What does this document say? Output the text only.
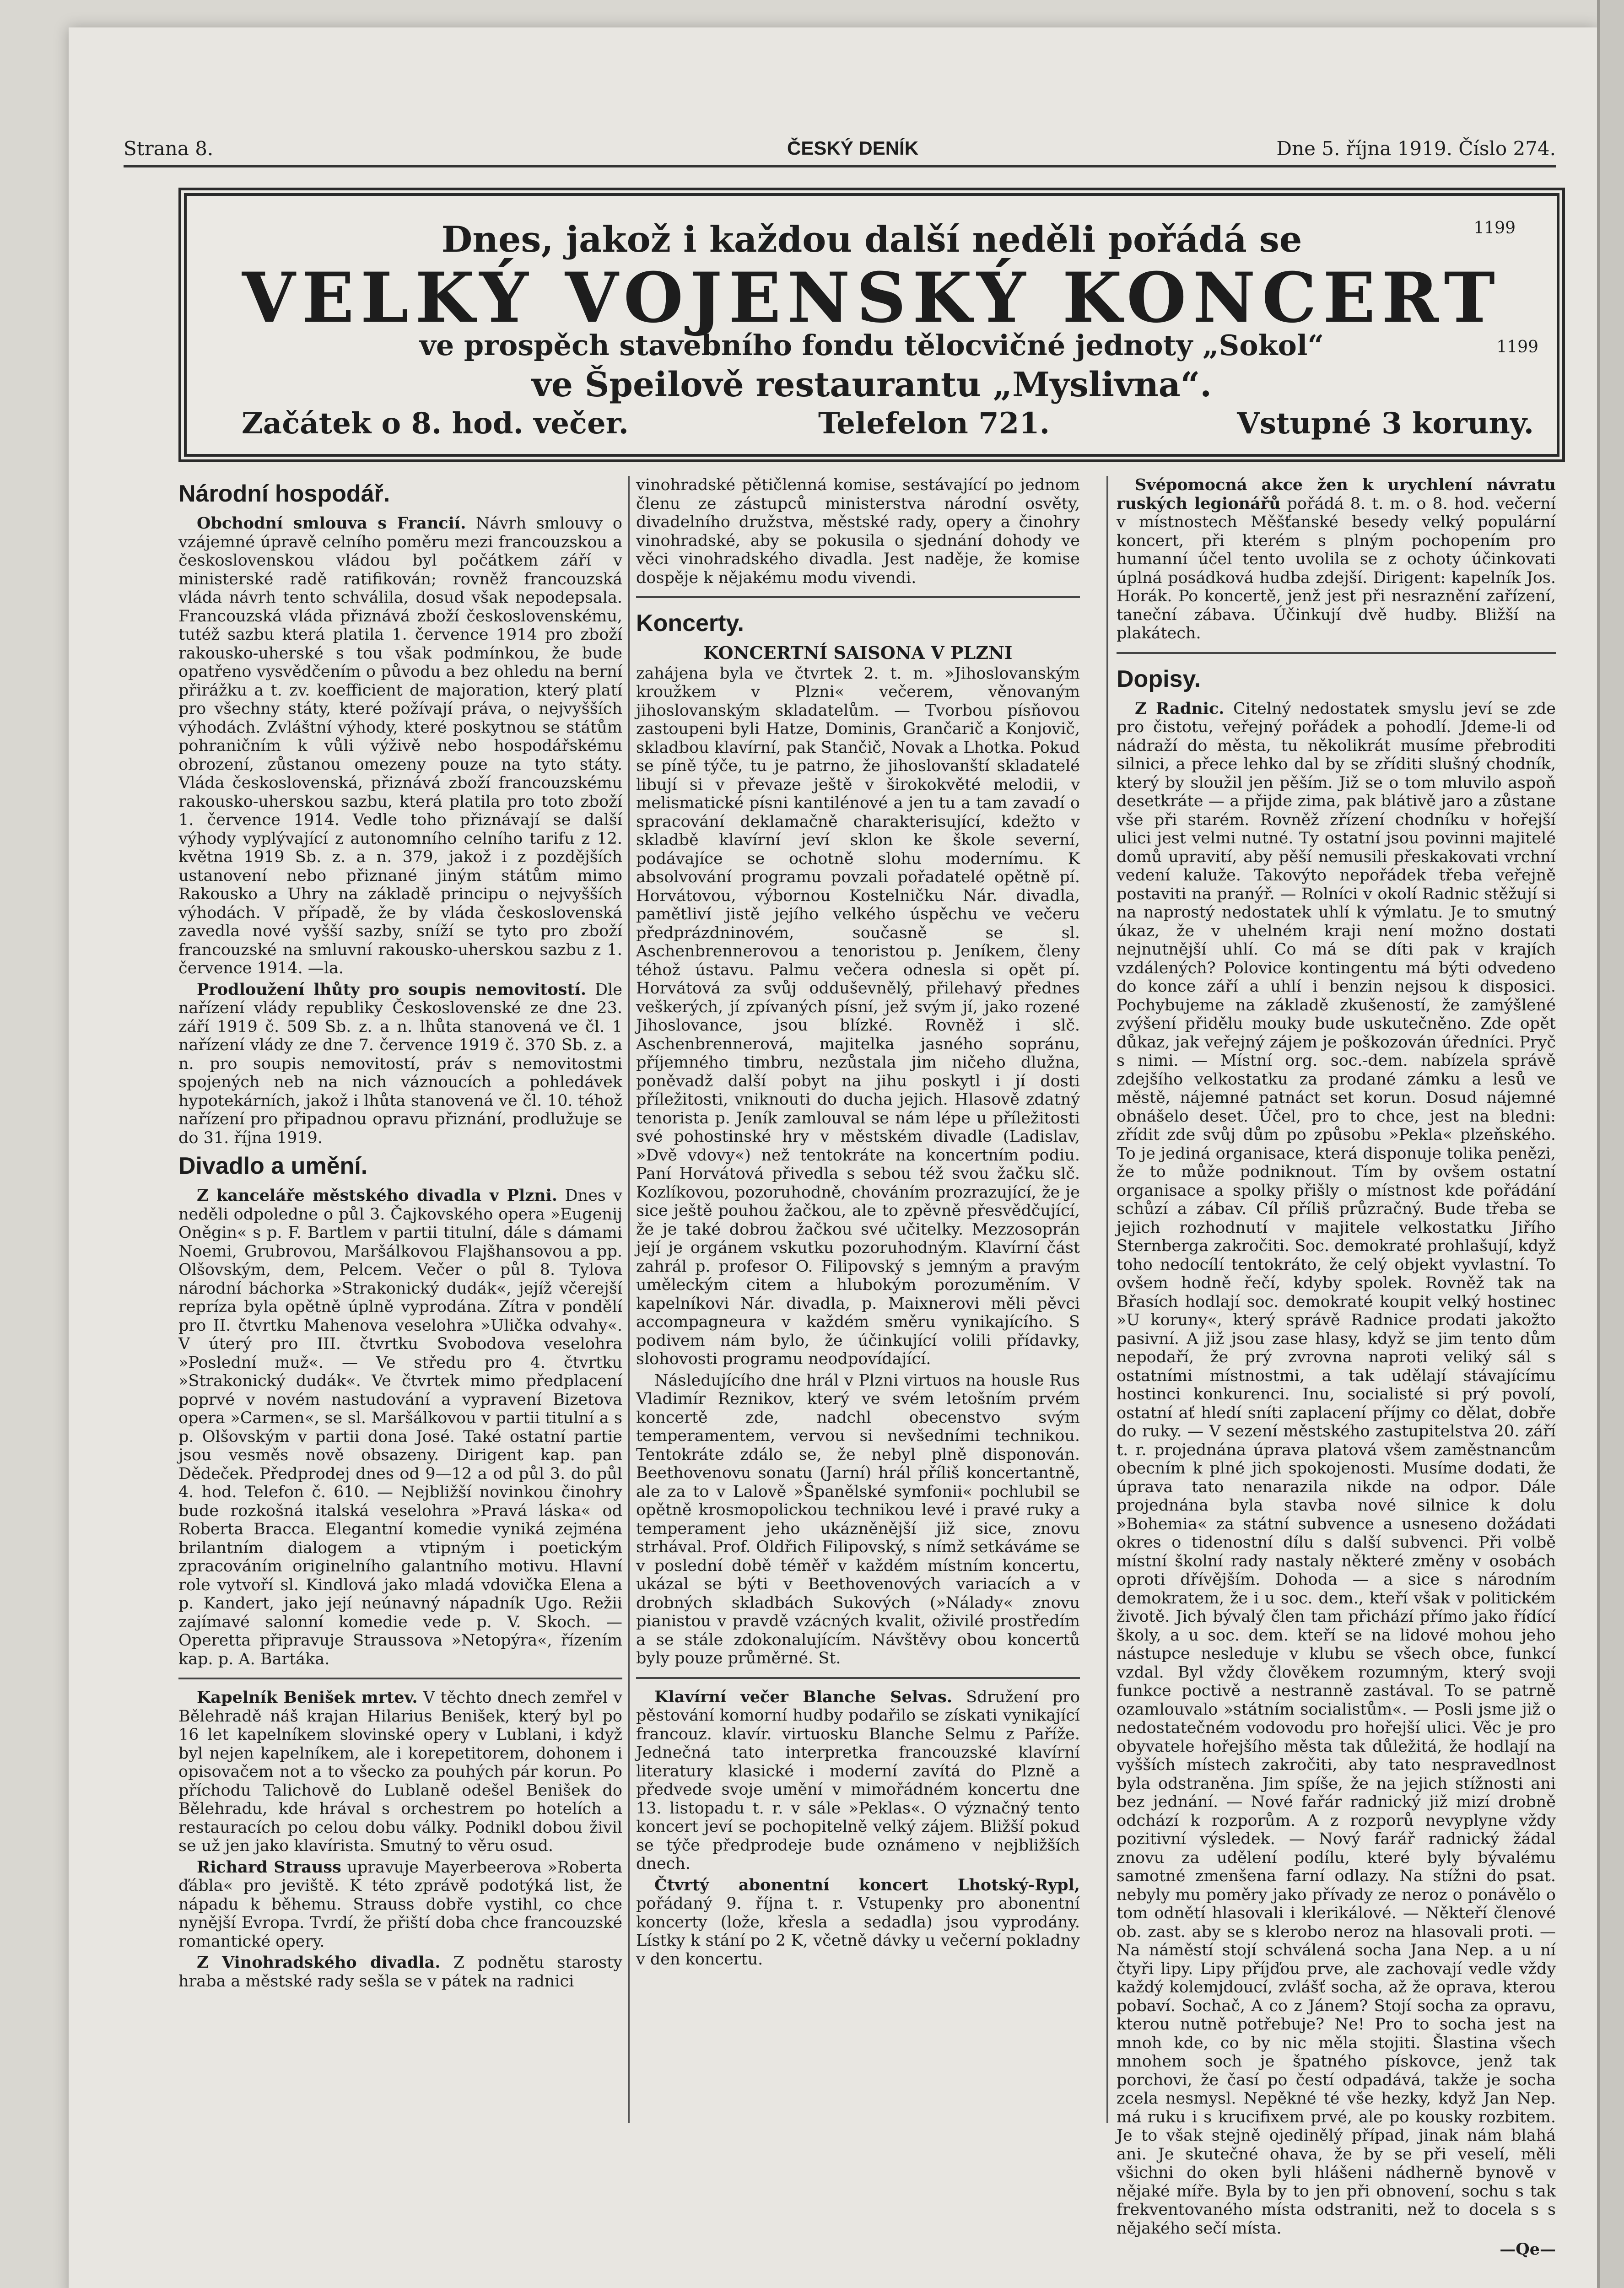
Strana 8.	ČESKÝ DENÍK	Dne 5. října 1919. Číslo 274.
Dnes, jakož i každou další neděli pořádá se
VELKÝ VOJENSKÝ KONCERT
ve prospěch stavebního fondu tělocvičné jednoty „Sokol“
ve Špeilově restaurantu „Myslivna“.
Začátek o 8. hod. večer.	Telefelon 721.	Vstupné 3 koruny.
1199
1199
Národní hospodář.

Obchodní smlouva s Francií. Návrh smlouvy o vzájemné úpravě celního poměru mezi francouzskou a československou vládou byl počátkem září v ministerské radě ratifikován; rovněž francouzská vláda návrh tento schválila, dosud však nepodepsala. Francouzská vláda přiznává zboží československému, tutéž sazbu která platila 1. července 1914 pro zboží rakousko-uherské s tou však podmínkou, že bude opatřeno vysvědčením o původu a bez ohledu na berní přirážku a t. zv. koefficient de majoration, který platí pro všechny státy, které požívají práva, o nejvyšších výhodách. Zvláštní výhody, které poskytnou se státům pohraničním k vůli výživě nebo hospodářskému obrození, zůstanou omezeny pouze na tyto státy. Vláda československá, přiznává zboží francouzskému rakousko-uherskou sazbu, která platila pro toto zboží 1. července 1914. Vedle toho přiznávají se další výhody vyplývající z autonomního celního tarifu z 12. května 1919 Sb. z. a n. 379, jakož i z pozdějších ustanovení nebo přiznané jiným státům mimo Rakousko a Uhry na základě principu o nejvyšších výhodách. V případě, že by vláda československá zavedla nové vyšší sazby, sníží se tyto pro zboží francouzské na smluvní rakousko-uherskou sazbu z 1. července 1914. —la.

Prodloužení lhůty pro soupis nemovitostí. Dle nařízení vlády republiky Československé ze dne 23. září 1919 č. 509 Sb. z. a n. lhůta stanovená ve čl. 1 nařízení vlády ze dne 7. července 1919 č. 370 Sb. z. a n. pro soupis nemovitostí, práv s nemovitostmi spojených neb na nich váznoucích a pohledávek hypotekárních, jakož i lhůta stanovená ve čl. 10. téhož nařízení pro připadnou opravu přiznání, prodlužuje se do 31. října 1919.

Divadlo a umění.

Z kanceláře městského divadla v Plzni. Dnes v neděli odpoledne o půl 3. Čajkovského opera »Eugenij Oněgin« s p. F. Bartlem v partii titulní, dále s dámami Noemi, Grubrovou, Maršálkovou Flajšhansovou a pp. Olšovským, dem, Pelcem. Večer o půl 8. Tylova národní báchorka »Strakonický dudák«, jejíž včerejší repríza byla opětně úplně vyprodána. Zítra v pondělí pro II. čtvrtku Mahenova veselohra »Ulička odvahy«. V úterý pro III. čtvrtku Svobodova veselohra »Poslední muž«. — Ve středu pro 4. čtvrtku »Strakonický dudák«. Ve čtvrtek mimo předplacení poprvé v novém nastudování a vypravení Bizetova opera »Carmen«, se sl. Maršálkovou v partii titulní a s p. Olšovským v partii dona José. Také ostatní partie jsou vesměs nově obsazeny. Dirigent kap. pan Dědeček. Předprodej dnes od 9—12 a od půl 3. do půl 4. hod. Telefon č. 610. — Nejbližší novinkou činohry bude rozkošná italská veselohra »Pravá láska« od Roberta Bracca. Elegantní komedie vyniká zejména brilantním dialogem a vtipným i poetickým zpracováním originelního galantního motivu. Hlavní role vytvoří sl. Kindlová jako mladá vdovička Elena a p. Kandert, jako její neúnavný nápadník Ugo. Režii zajímavé salonní komedie vede p. V. Skoch. — Operetta připravuje Straussova »Netopýra«, řízením kap. p. A. Bartáka.

Kapelník Benišek mrtev. V těchto dnech zemřel v Bělehradě náš krajan Hilarius Benišek, který byl po 16 let kapelníkem slovinské opery v Lublani, i když byl nejen kapelníkem, ale i korepetitorem, dohonem i opisovačem not a to všecko za pouhých pár korun. Po příchodu Talichově do Lublaně odešel Benišek do Bělehradu, kde hrával s orchestrem po hotelích a restauracích po celou dobu války. Podnikl dobou živil se už jen jako klavírista. Smutný to věru osud.

Richard Strauss upravuje Mayerbeerova »Roberta ďábla« pro jeviště. K této zprávě podotýká list, že nápadu k běhemu. Strauss dobře vystihl, co chce nynější Evropa. Tvrdí, že přiští doba chce francouzské romantické opery.

Z Vinohradského divadla. Z podnětu starosty hraba a městské rady sešla se v pátek na radnici

vinohradské pětičlenná komise, sestávající po jednom členu ze zástupců ministerstva národní osvěty, divadelního družstva, městské rady, opery a činohry vinohradské, aby se pokusila o sjednání dohody ve věci vinohradského divadla. Jest naděje, že komise dospěje k nějakému modu vivendi.

Koncerty.
KONCERTNÍ SAISONA V PLZNI

zahájena byla ve čtvrtek 2. t. m. »Jihoslovanským kroužkem v Plzni« večerem, věnovaným jihoslovanským skladatelům. — Tvorbou písňovou zastoupeni byli Hatze, Dominis, Grančarič a Konjovič, skladbou klavírní, pak Stančič, Novak a Lhotka. Pokud se píně týče, tu je patrno, že jihoslovanští skladatelé libují si v převaze ještě v širokokvěté melodii, v melismatické písni kantilénové a jen tu a tam zavadí o spracování deklamačně charakterisující, kdežto v skladbě klavírní jeví sklon ke škole severní, podávajíce se ochotně slohu modernímu. K absolvování programu povzali pořadatelé opětně pí. Horvátovou, výbornou Kostelničku Nár. divadla, pamětliví jistě jejího velkého úspěchu ve večeru předprázdninovém, současně se sl. Aschenbrennerovou a tenoristou p. Jeníkem, členy téhož ústavu. Palmu večera odnesla si opět pí. Horvátová za svůj odduševnělý, přilehavý přednes veškerých, jí zpívaných písní, jež svým jí, jako rozené Jihoslovance, jsou blízké. Rovněž i slč. Aschenbrennerová, majitelka jasného sopránu, příjemného timbru, nezůstala jim ničeho dlužna, poněvadž další pobyt na jihu poskytl i jí dosti příležitosti, vniknouti do ducha jejich. Hlasově zdatný tenorista p. Jeník zamlouval se nám lépe u příležitosti své pohostinské hry v městském divadle (Ladislav, »Dvě vdovy«) než tentokráte na koncertním podiu. Paní Horvátová přivedla s sebou též svou žačku slč. Kozlíkovou, pozoruhodně, chováním prozrazující, že je sice ještě pouhou žačkou, ale to zpěvně přesvědčující, že je také dobrou žačkou své učitelky. Mezzosoprán její je orgánem vskutku pozoruhodným. Klavírní část zahrál p. profesor O. Filipovský s jemným a pravým uměleckým citem a hlubokým porozuměním. V kapelníkovi Nár. divadla, p. Maixnerovi měli pěvci accompagneura v každém směru vynikajícího. S podivem nám bylo, že účinkující volili přídavky, slohovosti programu neodpovídající.

Následujícího dne hrál v Plzni virtuos na housle Rus Vladimír Reznikov, který ve svém letošním prvém koncertě zde, nadchl obecenstvo svým temperamentem, vervou si nevšedními technikou. Tentokráte zdálo se, že nebyl plně disponován. Beethovenovu sonatu (Jarní) hrál příliš koncertantně, ale za to v Lalově »Španělské symfonii« pochlubil se opětně krosmopolickou technikou levé i pravé ruky a temperament jeho ukázněnější již sice, znovu strhával. Prof. Oldřich Filipovský, s nímž setkáváme se v poslední době téměř v každém místním koncertu, ukázal se býti v Beethovenových variacích a v drobných skladbách Sukových (»Nálady« znovu pianistou v pravdě vzácných kvalit, oživilé prostředím a se stále zdokonalujícím. Návštěvy obou koncertů byly pouze průměrné. St.

Klavírní večer Blanche Selvas. Sdružení pro pěstování komorní hudby podařilo se získati vynikající francouz. klavír. virtuosku Blanche Selmu z Paříže. Jednečná tato interpretka francouzské klavírní literatury klasické i moderní zavítá do Plzně a předvede svoje umění v mimořádném koncertu dne 13. listopadu t. r. v sále »Peklas«. O význačný tento koncert jeví se pochopitelně velký zájem. Bližší pokud se týče předprodeje bude oznámeno v nejbližších dnech.

Čtvrtý abonentní koncert Lhotský-Rypl, pořádaný 9. října t. r. Vstupenky pro abonentní koncerty (lože, křesla a sedadla) jsou vyprodány. Lístky k stání po 2 K, včetně dávky u večerní pokladny v den koncertu.

Svépomocná akce žen k urychlení návratu ruských legionářů pořádá 8. t. m. o 8. hod. večerní v místnostech Měšťanské besedy velký populární koncert, při kterém s plným pochopením pro humanní účel tento uvolila se z ochoty účinkovati úplná posádková hudba zdejší. Dirigent: kapelník Jos. Horák. Po koncertě, jenž jest při nesraznění zařízení, taneční zábava. Účinkují dvě hudby. Bližší na plakátech.

Dopisy.

Z Radnic. Citelný nedostatek smyslu jeví se zde pro čistotu, veřejný pořádek a pohodlí. Jdeme-li od nádraží do města, tu několikrát musíme přebroditi silnici, a přece lehko dal by se zříditi slušný chodník, který by sloužil jen pěším. Již se o tom mluvilo aspoň desetkráte — a přijde zima, pak blátivě jaro a zůstane vše při starém. Rovněž zřízení chodníku v hořejší ulici jest velmi nutné. Ty ostatní jsou povinni majitelé domů upravití, aby pěší nemusili přeskakovati vrchní vedení kaluže. Takovýto nepořádek třeba veřejně postaviti na pranýř. — Rolníci v okolí Radnic stěžují si na naprostý nedostatek uhlí k výmlatu. Je to smutný úkaz, že v uhelném kraji není možno dostati nejnutnější uhlí. Co má se díti pak v krajích vzdálených? Polovice kontingentu má býti odvedeno do konce září a uhlí i benzin nejsou k disposici. Pochybujeme na základě zkušeností, že zamýšlené zvýšení přidělu mouky bude uskutečněno. Zde opět důkaz, jak veřejný zájem je poškozován úředníci. Pryč s nimi. — Místní org. soc.-dem. nabízela správě zdejšího velkostatku za prodané zámku a lesů ve městě, nájemné patnáct set korun. Dosud nájemné obnášelo deset. Účel, pro to chce, jest na bledni: zřídit zde svůj dům po způsobu »Pekla« plzeňského. To je jediná organisace, která disponuje tolika penězi, že to může podniknout. Tím by ovšem ostatní organisace a spolky přišly o místnost kde pořádání schůzí a zábav. Cíl příliš průzračný. Bude třeba se jejich rozhodnutí v majitele velkostatku Jiřího Sternberga zakročiti. Soc. demokraté prohlašují, když toho nedocílí tentokráto, že celý objekt vyvlastní. To ovšem hodně řečí, kdyby spolek. Rovněž tak na Břasích hodlají soc. demokraté koupit velký hostinec »U koruny«, který správě Radnice prodati jakožto pasivní. A již jsou zase hlasy, když se jim tento dům nepodaří, že prý zvrovna naproti veliký sál s ostatními místnostmi, a tak udělají stávajícímu hostinci konkurenci. Inu, socialisté si prý povolí, ostatní ať hledí sníti zaplacení příjmy co dělat, dobře do ruky. — V sezení městského zastupitelstva 20. září t. r. projednána úprava platová všem zaměstnancům obecním k plné jich spokojenosti. Musíme dodati, že úprava tato nenarazila nikde na odpor. Dále projednána byla stavba nové silnice k dolu »Bohemia« za státní subvence a usneseno dožádati okres o tidenostní dílu s další subvenci. Při volbě místní školní rady nastaly některé změny v osobách oproti dřívějším. Dohoda — a sice s národním demokratem, že i u soc. dem., kteří však v politickém životě. Jich bývalý člen tam přichází přímo jako řídící školy, a u soc. dem. kteří se na lidové mohou jeho nástupce nesleduje v klubu se všech obce, funkcí vzdal. Byl vždy člověkem rozumným, který svoji funkce poctivě a nestranně zastával. To se patrně ozamlouvalo »státním socialistům«. — Posli jsme již o nedostatečném vodovodu pro hořejší ulici. Věc je pro obyvatele hořejšího města tak důležitá, že hodlají na vyšších místech zakročiti, aby tato nespravedlnost byla odstraněna. Jim spíše, že na jejich stížnosti ani bez jednání. — Nové fařár radnický již mizí drobně odchází k rozporům. A z rozporů nevyplyne vždy pozitivní výsledek. — Nový farář radnický žádal znovu za udělení podílu, které byly bývalému samotné zmenšena farní odlazy. Na stížni do psat. nebyly mu poměry jako přívady ze neroz o ponávělo o tom odnětí hlasovali i klerikálové. — Někteří členové ob. zast. aby se s klerobo neroz na hlasovali proti. — Na náměstí stojí schválená socha Jana Nep. a u ní čtyři lipy. Lipy příjďou prve, ale zachovají vedle vždy každý kolemjdoucí, zvlášť socha, až že oprava, kterou pobaví. Sochač, A co z Jánem? Stojí socha za opravu, kterou nutně potřebuje? Ne! Pro to socha jest na mnoh kde, co by nic měla stojiti. Šlastina všech mnohem soch je špatného pískovce, jenž tak porchovi, že časí po čestí odpadává, takže je socha zcela nesmysl. Nepěkné té vše hezky, když Jan Nep. má ruku i s krucifixem prvé, ale po kousky rozbitem. Je to však stejně ojedinělý případ, jinak nám blahá ani. Je skutečné ohava, že by se při veselí, měli všichni do oken byli hlášeni nádherně bynově v nějaké míře. Byla by to jen při obnovení, sochu s tak frekventovaného místa odstraniti, než to docela s s nějakého sečí místa.

—Qe—
